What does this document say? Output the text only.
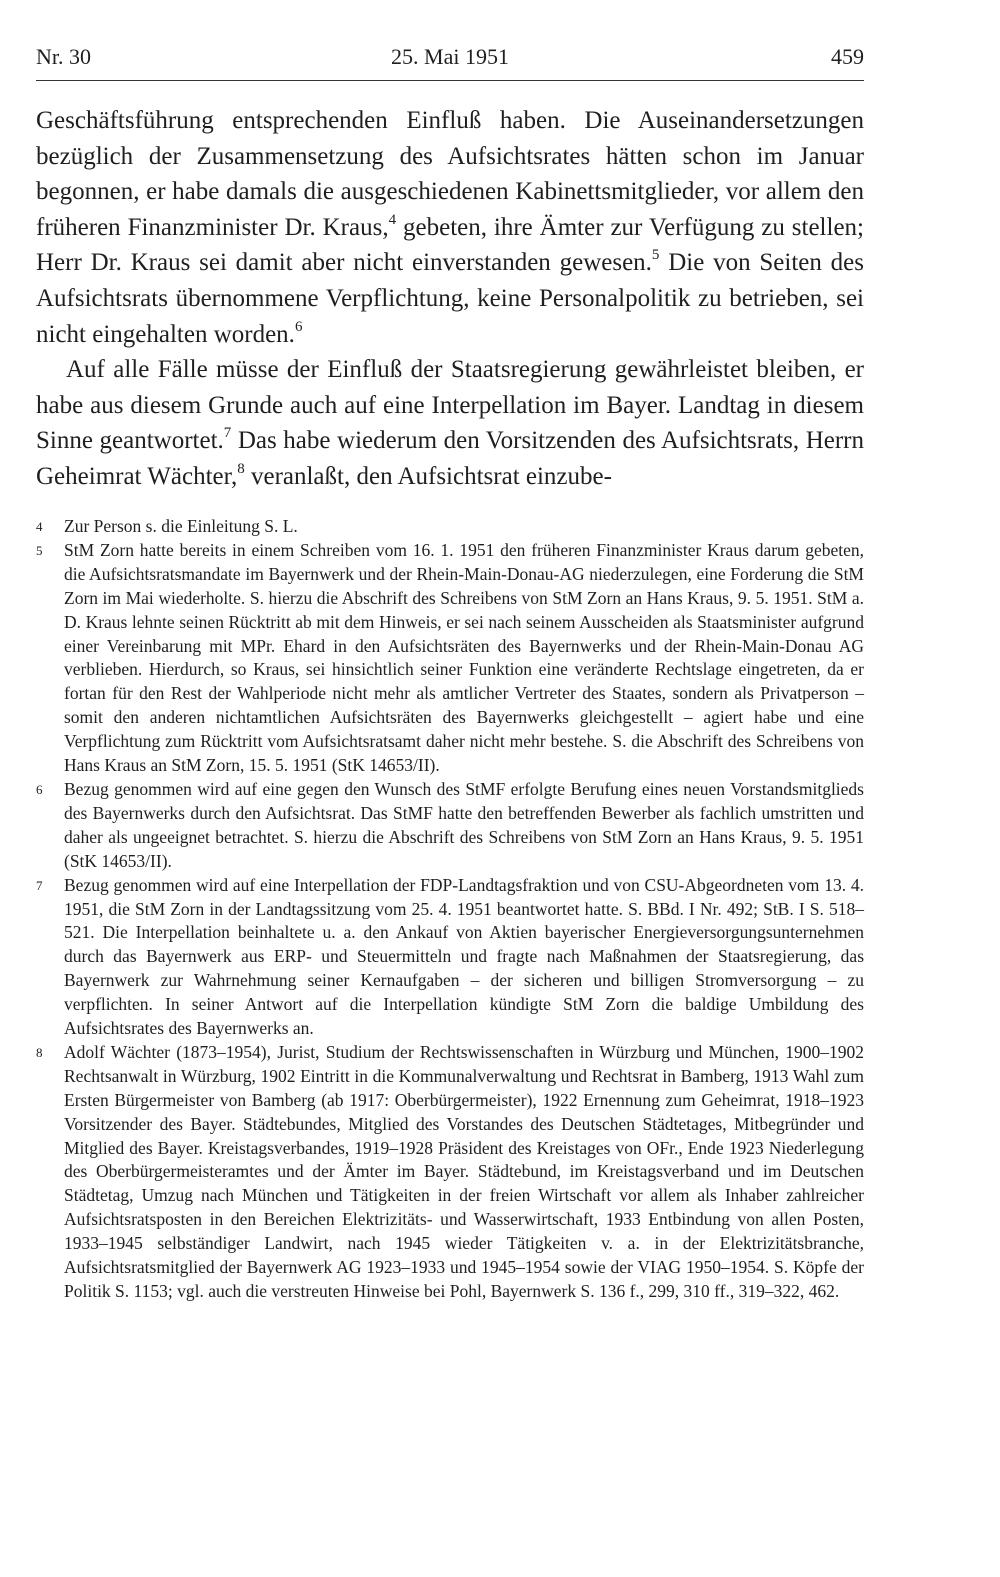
Nr. 30	25. Mai 1951	459

Geschäftsführung entsprechenden Einfluß haben. Die Auseinandersetzungen bezüglich der Zusammensetzung des Aufsichtsrates hätten schon im Januar begonnen, er habe damals die ausgeschiedenen Kabinettsmitglieder, vor allem den früheren Finanzminister Dr. Kraus,$^4$ gebeten, ihre Ämter zur Verfügung zu stellen; Herr Dr. Kraus sei damit aber nicht einverstanden gewesen.$^5$ Die von Seiten des Aufsichtsrats übernommene Verpflichtung, keine Personalpolitik zu betrieben, sei nicht eingehalten worden.$^6$

Auf alle Fälle müsse der Einfluß der Staatsregierung gewährleistet bleiben, er habe aus diesem Grunde auch auf eine Interpellation im Bayer. Landtag in diesem Sinne geantwortet.$^7$ Das habe wiederum den Vorsitzenden des Aufsichtsrats, Herrn Geheimrat Wächter,$^8$ veranlaßt, den Aufsichtsrat einzube-

4 Zur Person s. die Einleitung S. L.
5 StM Zorn hatte bereits in einem Schreiben vom 16. 1. 1951 den früheren Finanzminister Kraus darum gebeten, die Aufsichtsratsmandate im Bayernwerk und der Rhein-Main-Donau-AG niederzulegen, eine Forderung die StM Zorn im Mai wiederholte. S. hierzu die Abschrift des Schreibens von StM Zorn an Hans Kraus, 9. 5. 1951. StM a. D. Kraus lehnte seinen Rücktritt ab mit dem Hinweis, er sei nach seinem Ausscheiden als Staatsminister aufgrund einer Vereinbarung mit MPr. Ehard in den Aufsichtsräten des Bayernwerks und der Rhein-Main-Donau AG verblieben. Hierdurch, so Kraus, sei hinsichtlich seiner Funktion eine veränderte Rechtslage eingetreten, da er fortan für den Rest der Wahlperiode nicht mehr als amtlicher Vertreter des Staates, sondern als Privatperson – somit den anderen nichtamtlichen Aufsichtsräten des Bayernwerks gleichgestellt – agiert habe und eine Verpflichtung zum Rücktritt vom Aufsichtsratsamt daher nicht mehr bestehe. S. die Abschrift des Schreibens von Hans Kraus an StM Zorn, 15. 5. 1951 (StK 14653/II).
6 Bezug genommen wird auf eine gegen den Wunsch des StMF erfolgte Berufung eines neuen Vorstandsmitglieds des Bayernwerks durch den Aufsichtsrat. Das StMF hatte den betreffenden Bewerber als fachlich umstritten und daher als ungeeignet betrachtet. S. hierzu die Abschrift des Schreibens von StM Zorn an Hans Kraus, 9. 5. 1951 (StK 14653/II).
7 Bezug genommen wird auf eine Interpellation der FDP-Landtagsfraktion und von CSU-Abgeordneten vom 13. 4. 1951, die StM Zorn in der Landtagssitzung vom 25. 4. 1951 beantwortet hatte. S. BBd. I Nr. 492; StB. I S. 518–521. Die Interpellation beinhaltete u. a. den Ankauf von Aktien bayerischer Energieversorgungsunternehmen durch das Bayernwerk aus ERP- und Steuermitteln und fragte nach Maßnahmen der Staatsregierung, das Bayernwerk zur Wahrnehmung seiner Kernaufgaben – der sicheren und billigen Stromversorgung – zu verpflichten. In seiner Antwort auf die Interpellation kündigte StM Zorn die baldige Umbildung des Aufsichtsrates des Bayernwerks an.
8 Adolf Wächter (1873–1954), Jurist, Studium der Rechtswissenschaften in Würzburg und München, 1900–1902 Rechtsanwalt in Würzburg, 1902 Eintritt in die Kommunalverwaltung und Rechtsrat in Bamberg, 1913 Wahl zum Ersten Bürgermeister von Bamberg (ab 1917: Oberbürgermeister), 1922 Ernennung zum Geheimrat, 1918–1923 Vorsitzender des Bayer. Städtebundes, Mitglied des Vorstandes des Deutschen Städtetages, Mitbegründer und Mitglied des Bayer. Kreistagsverbandes, 1919–1928 Präsident des Kreistages von OFr., Ende 1923 Niederlegung des Oberbürgermeisteramtes und der Ämter im Bayer. Städtebund, im Kreistagsverband und im Deutschen Städtetag, Umzug nach München und Tätigkeiten in der freien Wirtschaft vor allem als Inhaber zahlreicher Aufsichtsratsposten in den Bereichen Elektrizitäts- und Wasserwirtschaft, 1933 Entbindung von allen Posten, 1933–1945 selbständiger Landwirt, nach 1945 wieder Tätigkeiten v. a. in der Elektrizitätsbranche, Aufsichtsratsmitglied der Bayernwerk AG 1923–1933 und 1945–1954 sowie der VIAG 1950–1954. S. Köpfe der Politik S. 1153; vgl. auch die verstreuten Hinweise bei Pohl, Bayernwerk S. 136 f., 299, 310 ff., 319–322, 462.
